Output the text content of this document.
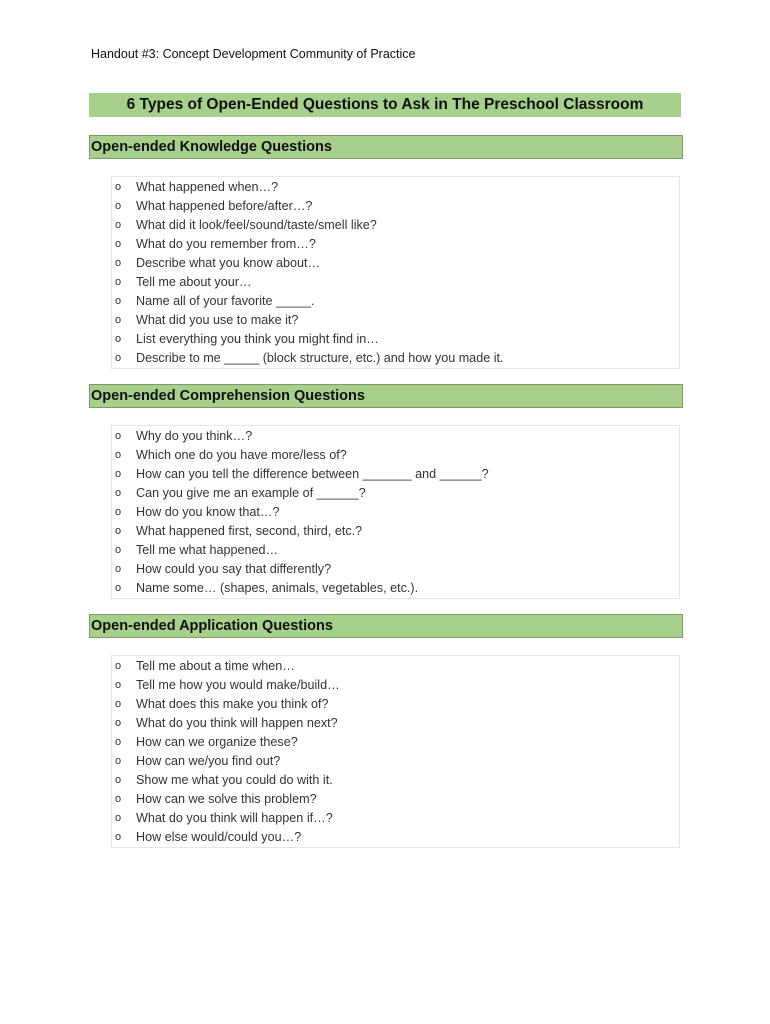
Handout #3: Concept Development Community of Practice
6 Types of Open-Ended Questions to Ask in The Preschool Classroom
Open-ended Knowledge Questions
o What happened when…?
o What happened before/after…?
o What did it look/feel/sound/taste/smell like?
o What do you remember from…?
o Describe what you know about…
o Tell me about your…
o Name all of your favorite _____.
o What did you use to make it?
o List everything you think you might find in…
o Describe to me _____ (block structure, etc.) and how you made it.
Open-ended Comprehension Questions
o Why do you think…?
o Which one do you have more/less of?
o How can you tell the difference between _______ and ______?
o Can you give me an example of ______?
o How do you know that…?
o What happened first, second, third, etc.?
o Tell me what happened…
o How could you say that differently?
o Name some… (shapes, animals, vegetables, etc.).
Open-ended Application Questions
o Tell me about a time when…
o Tell me how you would make/build…
o What does this make you think of?
o What do you think will happen next?
o How can we organize these?
o How can we/you find out?
o Show me what you could do with it.
o How can we solve this problem?
o What do you think will happen if…?
o How else would/could you…?
